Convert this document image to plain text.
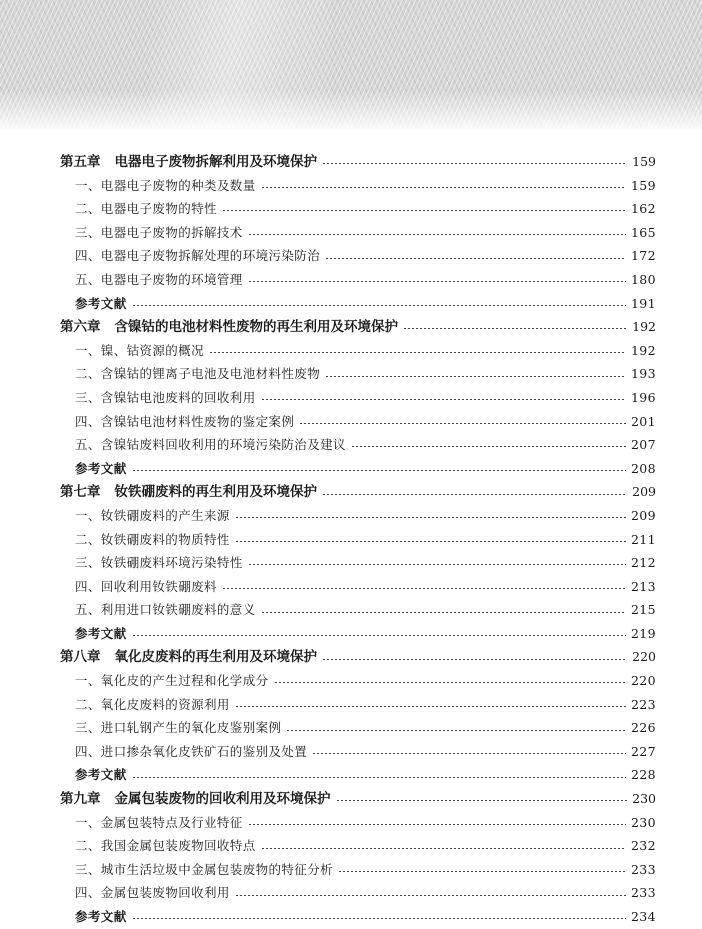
第五章 电器电子废物拆解利用及环境保护	159
一、电器电子废物的种类及数量	159
二、电器电子废物的特性	162
三、电器电子废物的拆解技术	165
四、电器电子废物拆解处理的环境污染防治	172
五、电器电子废物的环境管理	180
参考文献	191
第六章 含镍钴的电池材料性废物的再生利用及环境保护	192
一、镍、钴资源的概况	192
二、含镍钴的锂离子电池及电池材料性废物	193
三、含镍钴电池废料的回收利用	196
四、含镍钴电池材料性废物的鉴定案例	201
五、含镍钴废料回收利用的环境污染防治及建议	207
参考文献	208
第七章 钕铁硼废料的再生利用及环境保护	209
一、钕铁硼废料的产生来源	209
二、钕铁硼废料的物质特性	211
三、钕铁硼废料环境污染特性	212
四、回收利用钕铁硼废料	213
五、利用进口钕铁硼废料的意义	215
参考文献	219
第八章 氧化皮废料的再生利用及环境保护	220
一、氧化皮的产生过程和化学成分	220
二、氧化皮废料的资源利用	223
三、进口轧钢产生的氧化皮鉴别案例	226
四、进口掺杂氧化皮铁矿石的鉴别及处置	227
参考文献	228
第九章 金属包装废物的回收利用及环境保护	230
一、金属包装特点及行业特征	230
二、我国金属包装废物回收特点	232
三、城市生活垃圾中金属包装废物的特征分析	233
四、金属包装废物回收利用	233
参考文献	234
